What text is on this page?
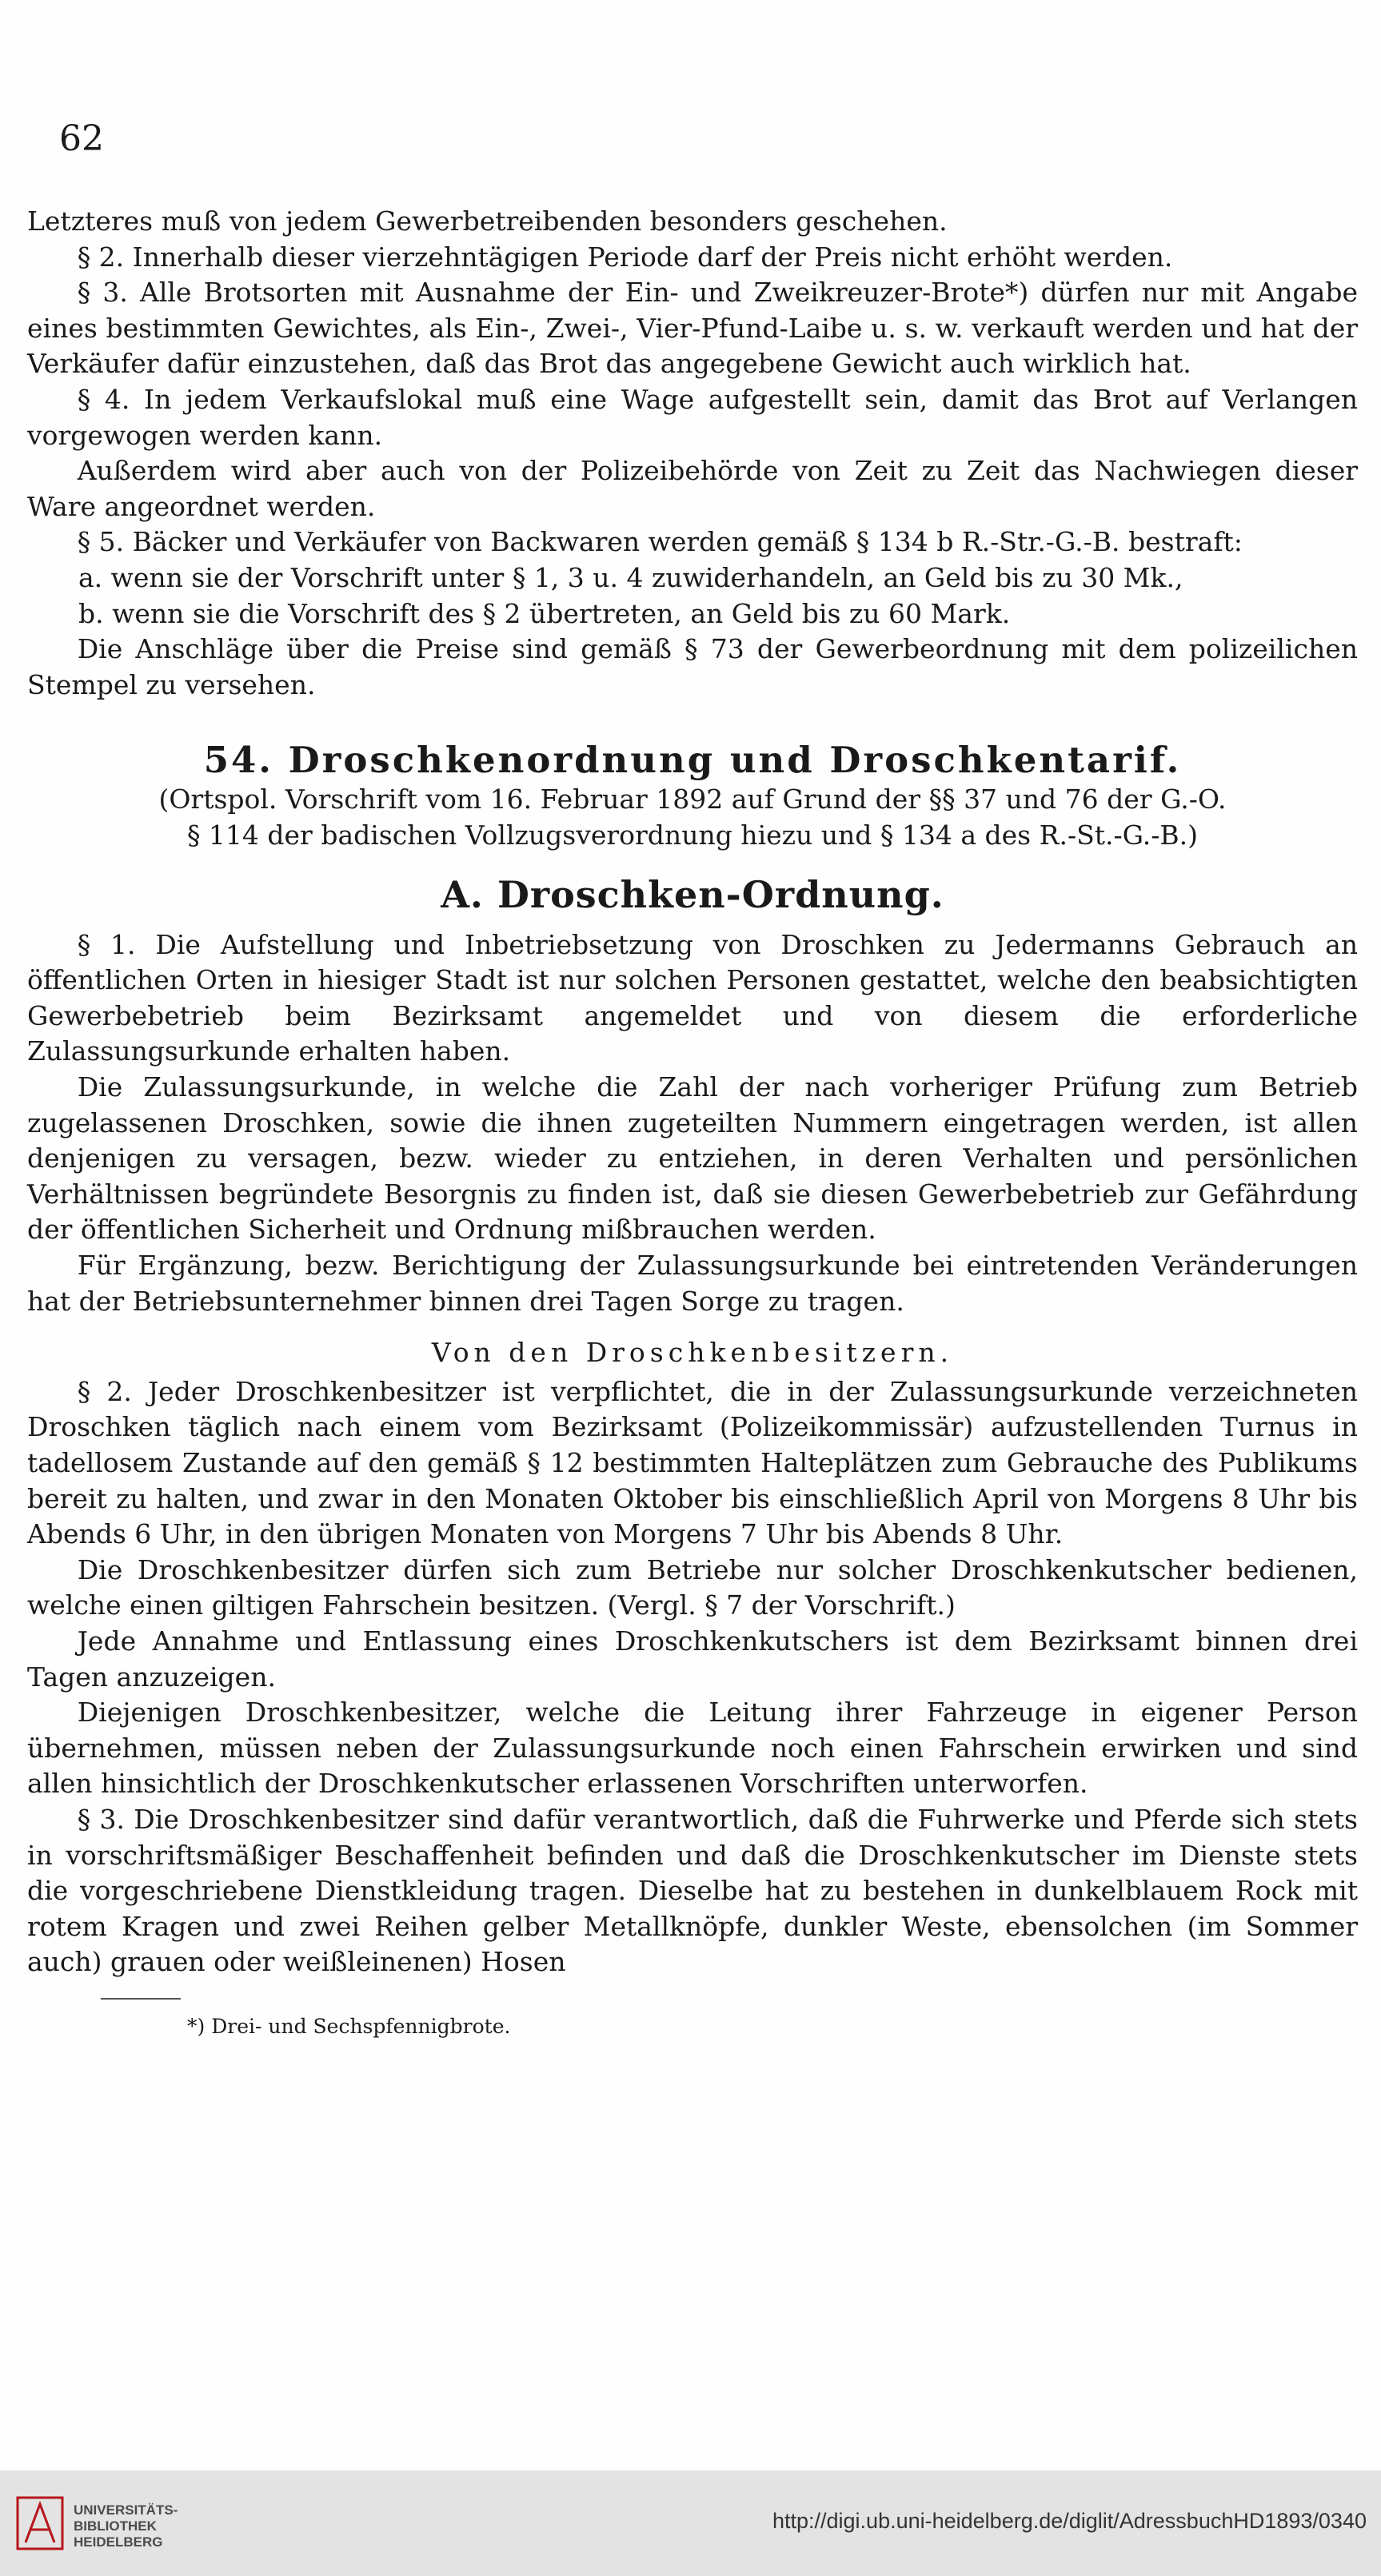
62

Letzteres muß von jedem Gewerbetreibenden besonders geschehen.

§ 2. Innerhalb dieser vierzehntägigen Periode darf der Preis nicht erhöht werden.

§ 3. Alle Brotsorten mit Ausnahme der Ein- und Zweikreuzer-Brote*) dürfen nur mit Angabe eines bestimmten Gewichtes, als Ein-, Zwei-, Vier-Pfund-Laibe u. s. w. verkauft werden und hat der Verkäufer dafür einzustehen, daß das Brot das angegebene Gewicht auch wirklich hat.

§ 4. In jedem Verkaufslokal muß eine Wage aufgestellt sein, damit das Brot auf Verlangen vorgewogen werden kann.

Außerdem wird aber auch von der Polizeibehörde von Zeit zu Zeit das Nachwiegen dieser Ware angeordnet werden.

§ 5. Bäcker und Verkäufer von Backwaren werden gemäß § 134 b R.-Str.-G.-B. bestraft:

a. wenn sie der Vorschrift unter § 1, 3 u. 4 zuwiderhandeln, an Geld bis zu 30 Mk.,

b. wenn sie die Vorschrift des § 2 übertreten, an Geld bis zu 60 Mark.

Die Anschläge über die Preise sind gemäß § 73 der Gewerbeordnung mit dem polizeilichen Stempel zu versehen.

54. Droschkenordnung und Droschkentarif.

(Ortspol. Vorschrift vom 16. Februar 1892 auf Grund der §§ 37 und 76 der G.-O.

§ 114 der badischen Vollzugsverordnung hiezu und § 134 a des R.-St.-G.-B.)

A. Droschken-Ordnung.

§ 1. Die Aufstellung und Inbetriebsetzung von Droschken zu Jedermanns Gebrauch an öffentlichen Orten in hiesiger Stadt ist nur solchen Personen gestattet, welche den beabsichtigten Gewerbebetrieb beim Bezirksamt angemeldet und von diesem die erforderliche Zulassungsurkunde erhalten haben.

Die Zulassungsurkunde, in welche die Zahl der nach vorheriger Prüfung zum Betrieb zugelassenen Droschken, sowie die ihnen zugeteilten Nummern eingetragen werden, ist allen denjenigen zu versagen, bezw. wieder zu entziehen, in deren Verhalten und persönlichen Verhältnissen begründete Besorgnis zu finden ist, daß sie diesen Gewerbebetrieb zur Gefährdung der öffentlichen Sicherheit und Ordnung mißbrauchen werden.

Für Ergänzung, bezw. Berichtigung der Zulassungsurkunde bei eintretenden Veränderungen hat der Betriebsunternehmer binnen drei Tagen Sorge zu tragen.

Von den Droschkenbesitzern.

§ 2. Jeder Droschkenbesitzer ist verpflichtet, die in der Zulassungsurkunde verzeichneten Droschken täglich nach einem vom Bezirksamt (Polizeikommissär) aufzustellenden Turnus in tadellosem Zustande auf den gemäß § 12 bestimmten Halteplätzen zum Gebrauche des Publikums bereit zu halten, und zwar in den Monaten Oktober bis einschließlich April von Morgens 8 Uhr bis Abends 6 Uhr, in den übrigen Monaten von Morgens 7 Uhr bis Abends 8 Uhr.

Die Droschkenbesitzer dürfen sich zum Betriebe nur solcher Droschkenkutscher bedienen, welche einen giltigen Fahrschein besitzen. (Vergl. § 7 der Vorschrift.)

Jede Annahme und Entlassung eines Droschkenkutschers ist dem Bezirksamt binnen drei Tagen anzuzeigen.

Diejenigen Droschkenbesitzer, welche die Leitung ihrer Fahrzeuge in eigener Person übernehmen, müssen neben der Zulassungsurkunde noch einen Fahrschein erwirken und sind allen hinsichtlich der Droschkenkutscher erlassenen Vorschriften unterworfen.

§ 3. Die Droschkenbesitzer sind dafür verantwortlich, daß die Fuhrwerke und Pferde sich stets in vorschriftsmäßiger Beschaffenheit befinden und daß die Droschkenkutscher im Dienste stets die vorgeschriebene Dienstkleidung tragen. Dieselbe hat zu bestehen in dunkelblauem Rock mit rotem Kragen und zwei Reihen gelber Metallknöpfe, dunkler Weste, ebensolchen (im Sommer auch) grauen oder weißleinenen) Hosen

*) Drei- und Sechspfennigbrote.
UNIVERSITÄTS-
BIBLIOTHEK
HEIDELBERG
http://digi.ub.uni-heidelberg.de/diglit/AdressbuchHD1893/0340
